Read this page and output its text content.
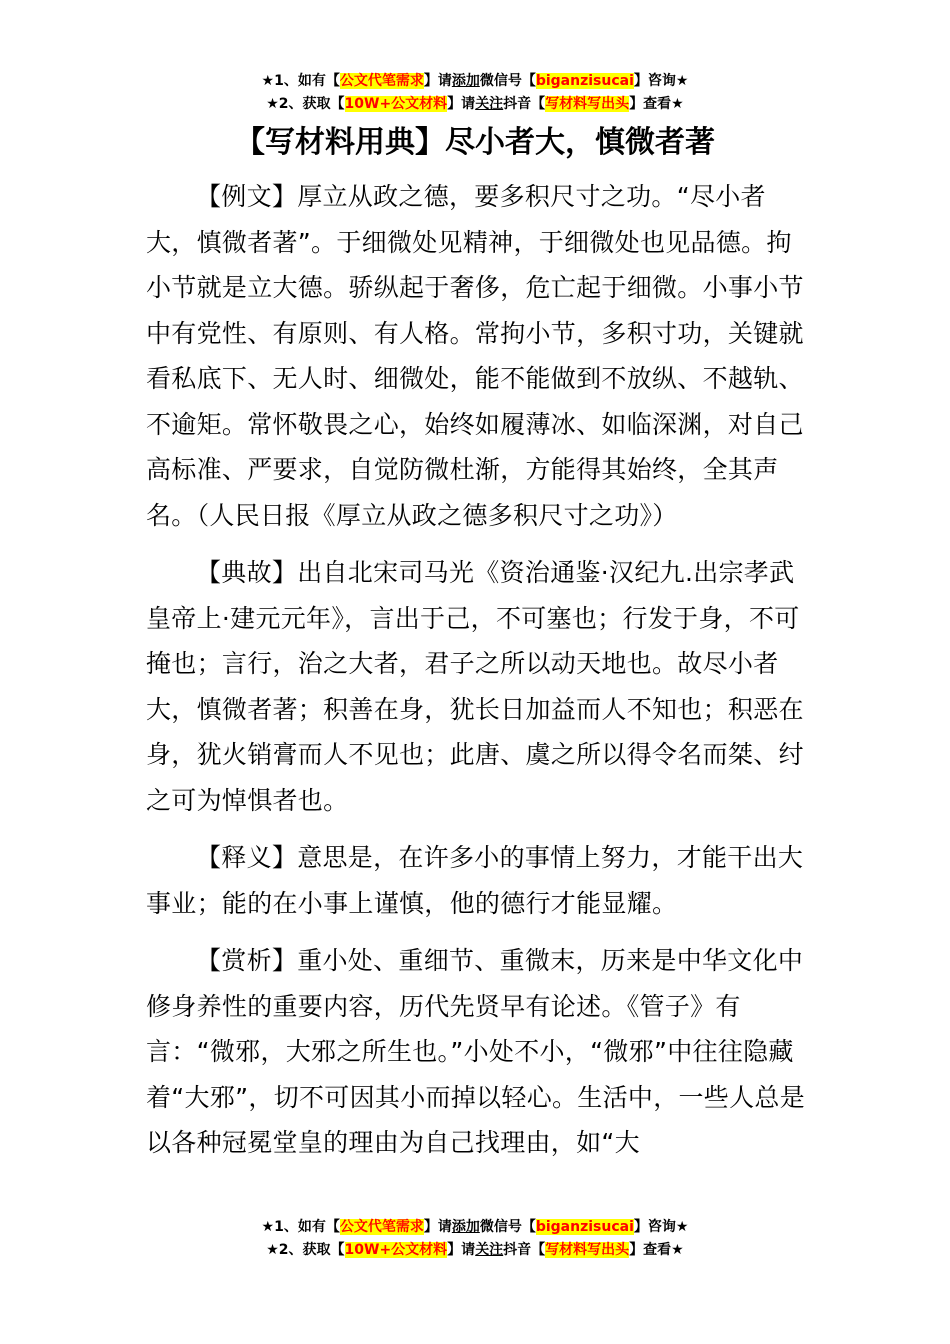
★1、如有【公文代笔需求】请添加微信号【biganzisucai】咨询★
★2、获取【10W+公文材料】请关注抖音【写材料写出头】查看★
【写材料用典】尽小者大，慎微者著

【例文】厚立从政之德，要多积尺寸之功。“尽小者大，慎微者著”。于细微处见精神，于细微处也见品德。拘小节就是立大德。骄纵起于奢侈，危亡起于细微。小事小节中有党性、有原则、有人格。常拘小节，多积寸功，关键就看私底下、无人时、细微处，能不能做到不放纵、不越轨、不逾矩。常怀敬畏之心，始终如履薄冰、如临深渊，对自己高标准、严要求，自觉防微杜渐，方能得其始终，全其声名。（人民日报《厚立从政之德多积尺寸之功》）

【典故】出自北宋司马光《资治通鉴·汉纪九.出宗孝武皇帝上·建元元年》，言出于己，不可塞也；行发于身，不可掩也；言行，治之大者，君子之所以动天地也。故尽小者大，慎微者著；积善在身，犹长日加益而人不知也；积恶在身，犹火销膏而人不见也；此唐、虞之所以得令名而桀、纣之可为悼惧者也。

【释义】意思是，在许多小的事情上努力，才能干出大事业；能的在小事上谨慎，他的德行才能显耀。

【赏析】重小处、重细节、重微末，历来是中华文化中修身养性的重要内容，历代先贤早有论述。《管子》有言：“微邪，大邪之所生也。”小处不小，“微邪”中往往隐藏着“大邪”，切不可因其小而掉以轻心。生活中，一些人总是以各种冠冕堂皇的理由为自己找理由，如“大

★1、如有【公文代笔需求】请添加微信号【biganzisucai】咨询★
★2、获取【10W+公文材料】请关注抖音【写材料写出头】查看★
